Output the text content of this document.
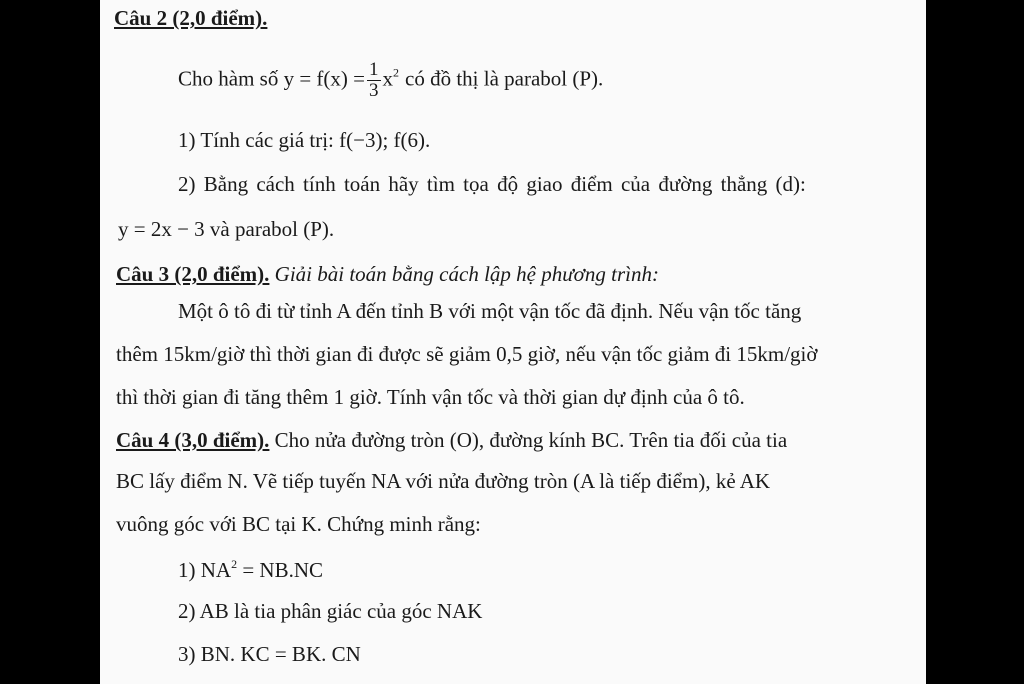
Câu 2 (2,0 điểm).
Cho hàm số $y = f(x) = \frac{1}{3} x^2$ có đồ thị là parabol (P).
1) Tính các giá trị: f(−3); f(6).
2) Bằng cách tính toán hãy tìm tọa độ giao điểm của đường thẳng (d):
y = 2x − 3 và parabol (P).
Câu 3 (2,0 điểm). Giải bài toán bằng cách lập hệ phương trình:
Một ô tô đi từ tỉnh A đến tỉnh B với một vận tốc đã định. Nếu vận tốc tăng
thêm 15km/giờ thì thời gian đi được sẽ giảm 0,5 giờ, nếu vận tốc giảm đi 15km/giờ
thì thời gian đi tăng thêm 1 giờ. Tính vận tốc và thời gian dự định của ô tô.
Câu 4 (3,0 điểm). Cho nửa đường tròn (O), đường kính BC. Trên tia đối của tia
BC lấy điểm N. Vẽ tiếp tuyến NA với nửa đường tròn (A là tiếp điểm), kẻ AK
vuông góc với BC tại K. Chứng minh rằng:
1) $NA^2 = NB.NC$
2) AB là tia phân giác của góc NAK
3) BN. KC = BK. CN
